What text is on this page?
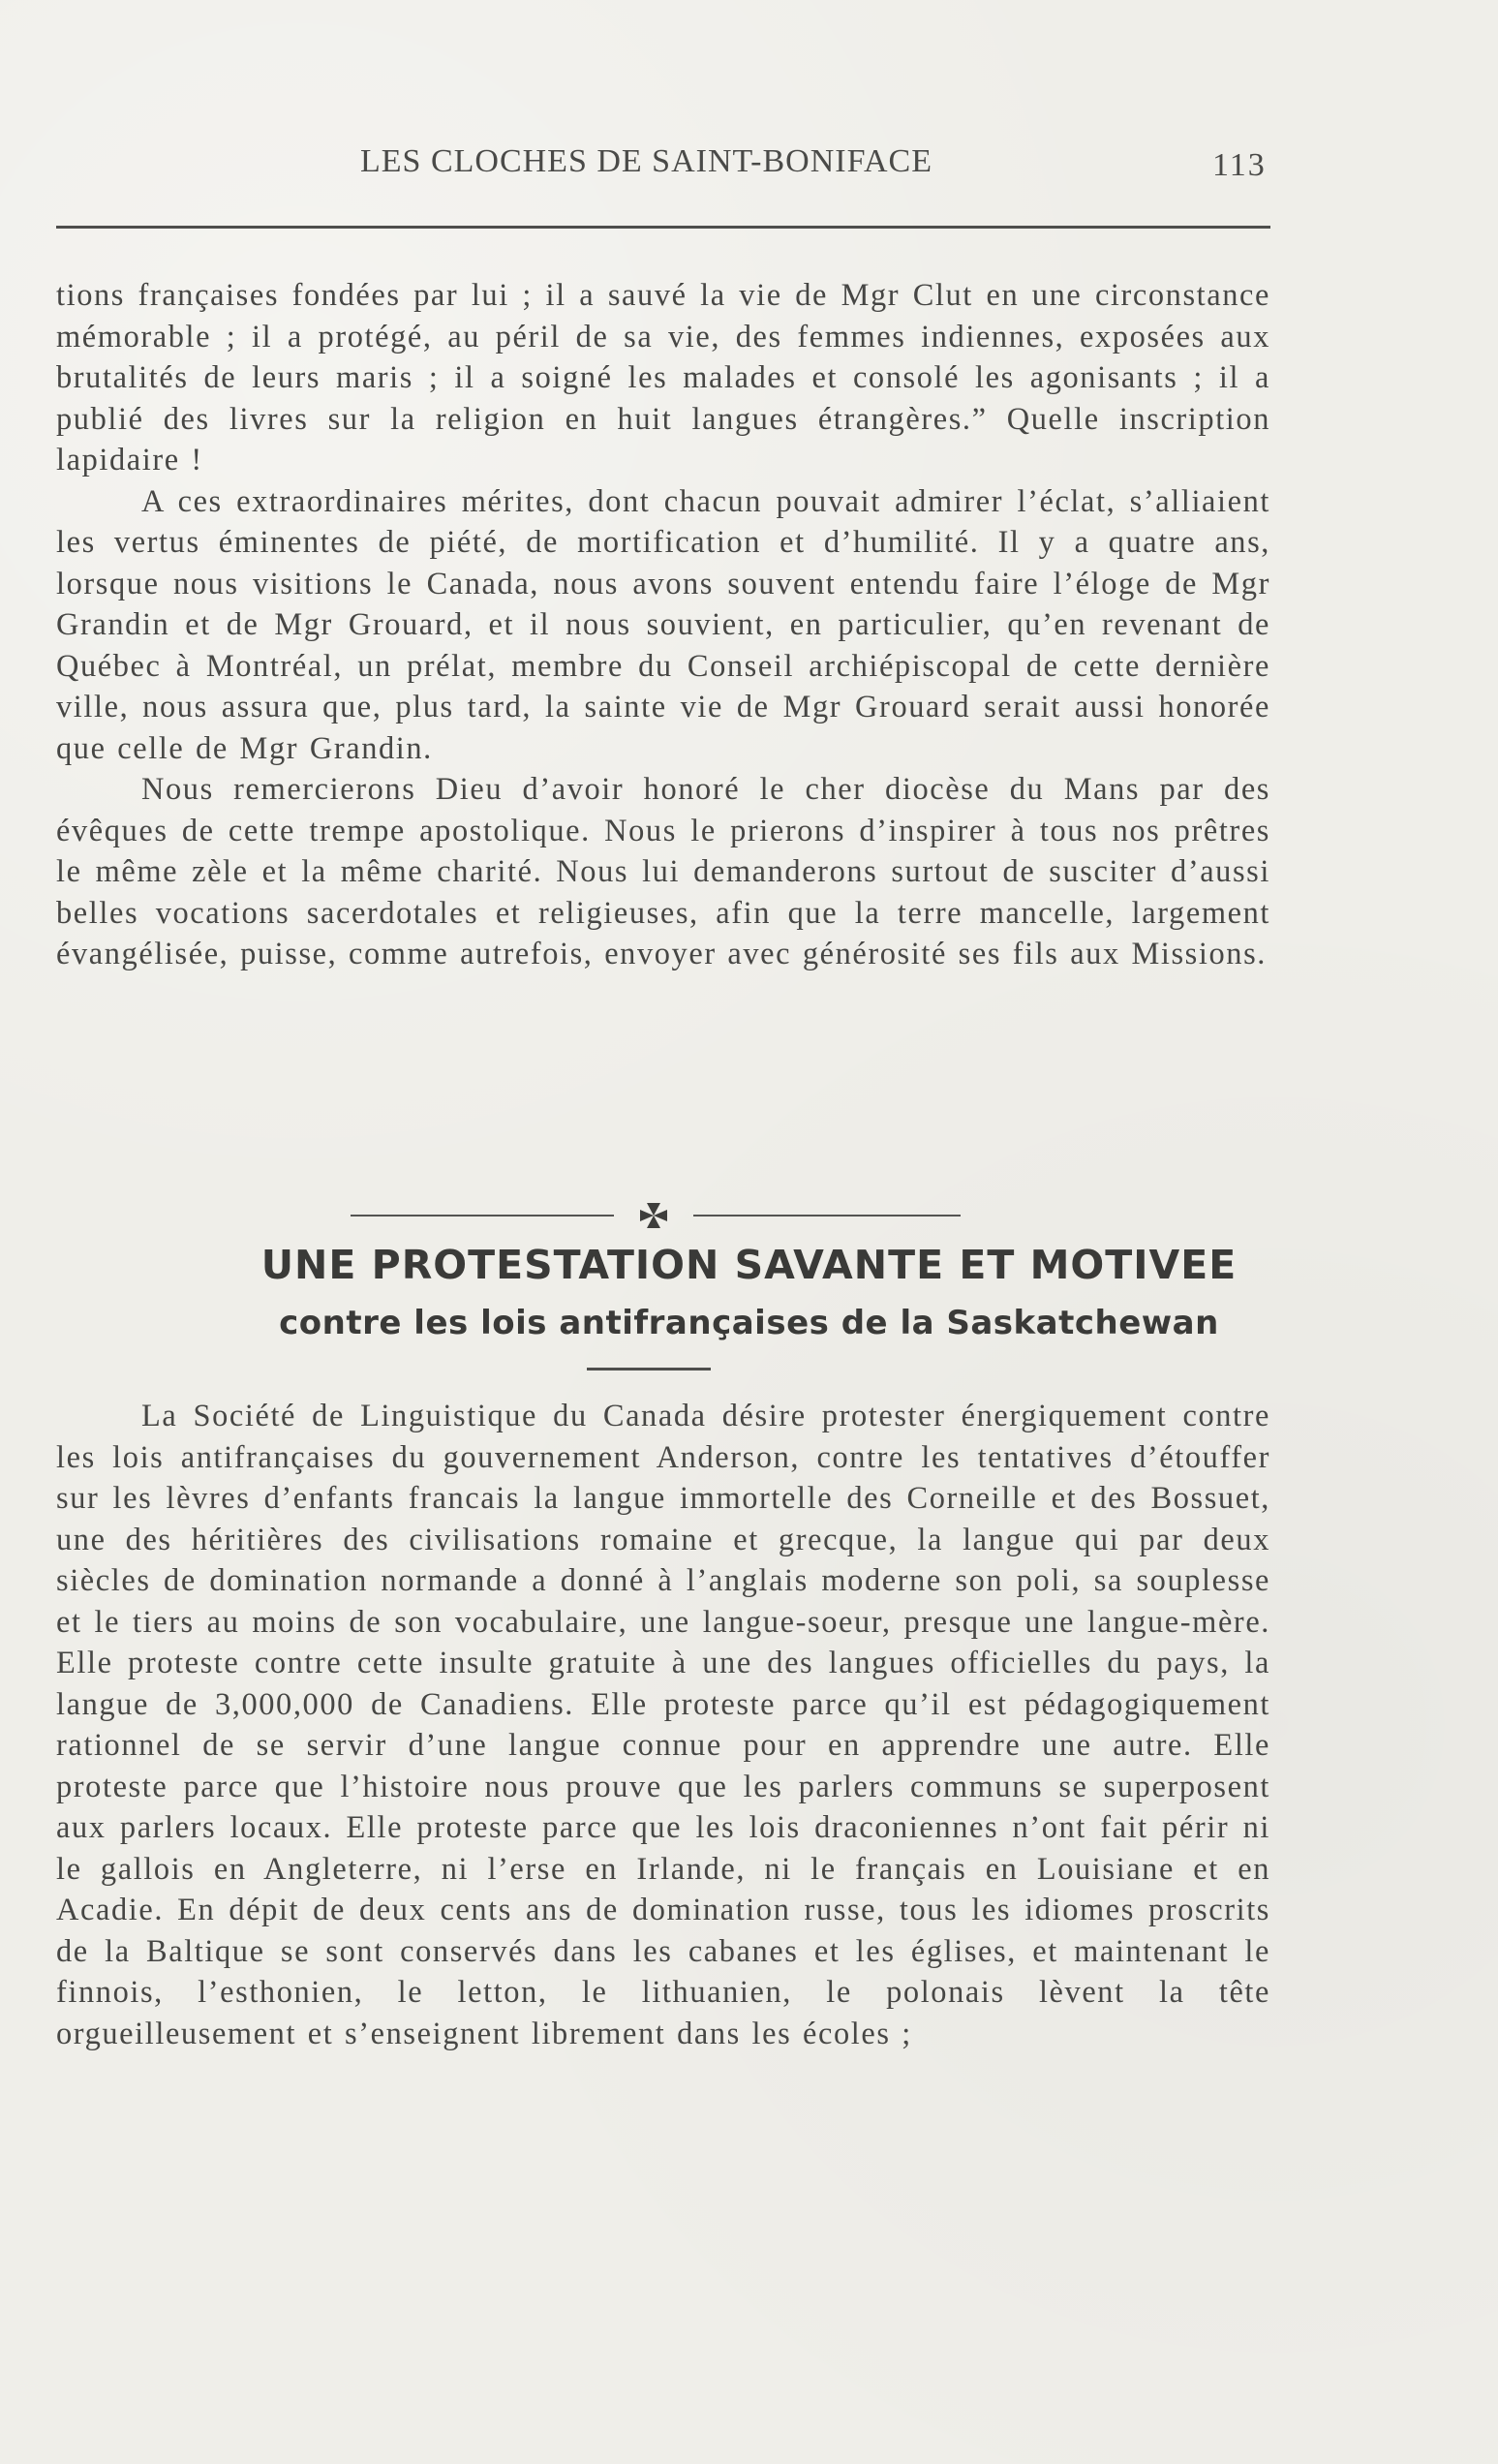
LES CLOCHES DE SAINT-BONIFACE	113

tions françaises fondées par lui ; il a sauvé la vie de Mgr Clut en une circonstance mémorable ; il a protégé, au péril de sa vie, des femmes indiennes, exposées aux brutalités de leurs maris ; il a soigné les malades et consolé les agonisants ; il a publié des livres sur la religion en huit langues étrangères.” Quelle inscription lapidaire !

A ces extraordinaires mérites, dont chacun pouvait admirer l’éclat, s’alliaient les vertus éminentes de piété, de mortification et d’humilité. Il y a quatre ans, lorsque nous visitions le Canada, nous avons souvent entendu faire l’éloge de Mgr Grandin et de Mgr Grouard, et il nous souvient, en particulier, qu’en revenant de Québec à Montréal, un prélat, membre du Conseil archiépiscopal de cette dernière ville, nous assura que, plus tard, la sainte vie de Mgr Grouard serait aussi honorée que celle de Mgr Grandin.

Nous remercierons Dieu d’avoir honoré le cher diocèse du Mans par des évêques de cette trempe apostolique. Nous le prierons d’inspirer à tous nos prêtres le même zèle et la même charité. Nous lui demanderons surtout de susciter d’aussi belles vocations sacerdotales et religieuses, afin que la terre mancelle, largement évangélisée, puisse, comme autrefois, envoyer avec générosité ses fils aux Missions.

UNE PROTESTATION SAVANTE ET MOTIVEE
contre les lois antifrançaises de la Saskatchewan

La Société de Linguistique du Canada désire protester énergiquement contre les lois antifrançaises du gouvernement Anderson, contre les tentatives d’étouffer sur les lèvres d’enfants francais la langue immortelle des Corneille et des Bossuet, une des héritières des civilisations romaine et grecque, la langue qui par deux siècles de domination normande a donné à l’anglais moderne son poli, sa souplesse et le tiers au moins de son vocabulaire, une langue-soeur, presque une langue-mère. Elle proteste contre cette insulte gratuite à une des langues officielles du pays, la langue de 3,000,000 de Canadiens. Elle proteste parce qu’il est pédagogiquement rationnel de se servir d’une langue connue pour en apprendre une autre. Elle proteste parce que l’histoire nous prouve que les parlers communs se superposent aux parlers locaux. Elle proteste parce que les lois draconiennes n’ont fait périr ni le gallois en Angleterre, ni l’erse en Irlande, ni le français en Louisiane et en Acadie. En dépit de deux cents ans de domination russe, tous les idiomes proscrits de la Baltique se sont conservés dans les cabanes et les églises, et maintenant le finnois, l’esthonien, le letton, le lithuanien, le polonais lèvent la tête orgueilleusement et s’enseignent librement dans les écoles ;
